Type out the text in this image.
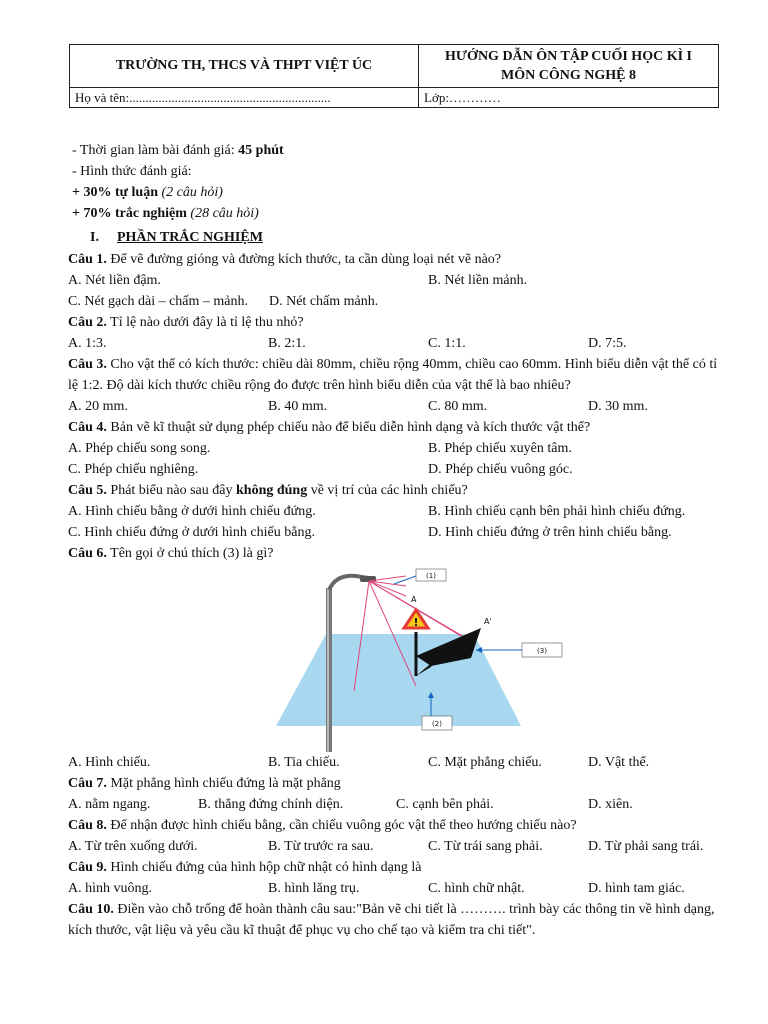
TRƯỜNG TH, THCS VÀ THPT VIỆT ÚC	HƯỚNG DẪN ÔN TẬP CUỐI HỌC KÌ I
MÔN CÔNG NGHỆ 8

Họ và tên:..............................................................	Lớp:…………
- Thời gian làm bài đánh giá: 45 phút
- Hình thức đánh giá:
+ 30% tự luận (2 câu hỏi)
+ 70% trắc nghiệm (28 câu hỏi)
I. PHẦN TRẮC NGHIỆM
Câu 1. Để vẽ đường gióng và đường kích thước, ta cần dùng loại nét vẽ nào?
A. Nét liền đậm.	B. Nét liền mảnh.
C. Nét gạch dài – chấm – mảnh. D. Nét chấm mảnh.
Câu 2. Tỉ lệ nào dưới đây là tỉ lệ thu nhỏ?
A. 1:3.	B. 2:1.	C. 1:1.	D. 7:5.
Câu 3. Cho vật thể có kích thước: chiều dài 80mm, chiều rộng 40mm, chiều cao 60mm. Hình biểu diễn vật thể có tỉ lệ 1:2. Độ dài kích thước chiều rộng đo được trên hình biểu diễn của vật thể là bao nhiêu?
A. 20 mm.	B. 40 mm.	C. 80 mm.	D. 30 mm.
Câu 4. Bản vẽ kĩ thuật sử dụng phép chiếu nào để biểu diễn hình dạng và kích thước vật thể?
A. Phép chiếu song song.	B. Phép chiếu xuyên tâm.
C. Phép chiếu nghiêng.	D. Phép chiếu vuông góc.
Câu 5. Phát biểu nào sau đây không đúng về vị trí của các hình chiếu?
A. Hình chiếu bằng ở dưới hình chiếu đứng.	B. Hình chiếu cạnh bên phải hình chiếu đứng.
C. Hình chiếu đứng ở dưới hình chiếu bằng.	D. Hình chiếu đứng ở trên hình chiếu bằng.
Câu 6. Tên gọi ở chú thích (3) là gì?
!
A
A'
(1)
(3)
(2)
A. Hình chiếu.	B. Tia chiếu.	C. Mặt phẳng chiếu.	D. Vật thể.
Câu 7. Mặt phẳng hình chiếu đứng là mặt phẳng
A. nằm ngang.	B. thẳng đứng chính diện.	C. cạnh bên phải.	D. xiên.
Câu 8. Để nhận được hình chiếu bằng, cần chiếu vuông góc vật thể theo hướng chiếu nào?
A. Từ trên xuống dưới.	B. Từ trước ra sau.	C. Từ trái sang phải.	D. Từ phải sang trái.
Câu 9. Hình chiếu đứng của hình hộp chữ nhật có hình dạng là
A. hình vuông.	B. hình lăng trụ.	C. hình chữ nhật.	D. hình tam giác.
Câu 10. Điền vào chỗ trống để hoàn thành câu sau:"Bản vẽ chi tiết là ………. trình bày các thông tin về hình dạng, kích thước, vật liệu và yêu cầu kĩ thuật để phục vụ cho chế tạo và kiểm tra chi tiết".
